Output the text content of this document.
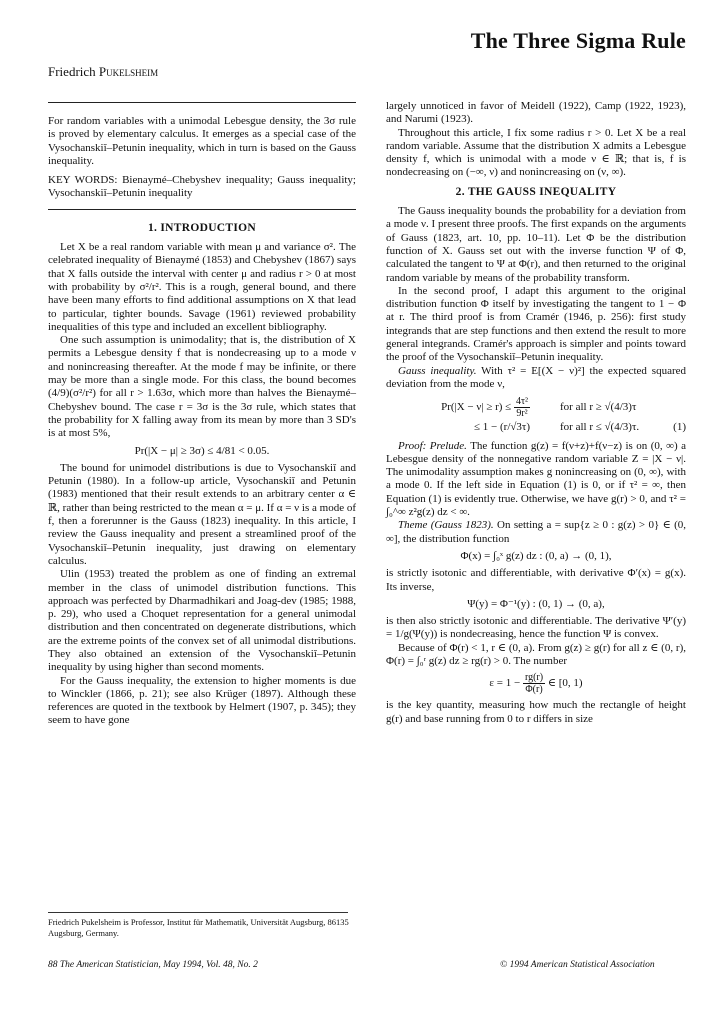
The Three Sigma Rule
Friedrich Pukelsheim

For random variables with a unimodal Lebesgue density, the 3σ rule is proved by elementary calculus. It emerges as a special case of the Vysochanskiĭ–Petunin inequality, which in turn is based on the Gauss inequality.

KEY WORDS: Bienaymé–Chebyshev inequality; Gauss inequality; Vysochanskiĭ–Petunin inequality

1. INTRODUCTION

Let X be a real random variable with mean μ and variance σ². The celebrated inequality of Bienaymé (1853) and Chebyshev (1867) says that X falls outside the interval with center μ and radius r > 0 at most with probability by σ²/r². This is a rough, general bound, and there have been many efforts to find additional assumptions on X that lead to particular, tighter bounds. Savage (1961) reviewed probability inequalities of this type and included an excellent bibliography.

One such assumption is unimodality; that is, the distribution of X permits a Lebesgue density f that is nondecreasing up to a mode ν and nonincreasing thereafter. At the mode f may be infinite, or there may be more than a single mode. For this class, the bound becomes (4/9)(σ²/r²) for all r > 1.63σ, which more than halves the Bienaymé–Chebyshev bound. The case r = 3σ is the 3σ rule, which states that the probability for X falling away from its mean by more than 3 SD's is at most 5%,

Pr(|X − μ| ≥ 3σ) ≤ 4/81 < 0.05.

The bound for unimodel distributions is due to Vysochanskiĭ and Petunin (1980). In a follow-up article, Vysochanskiĭ and Petunin (1983) mentioned that their result extends to an arbitrary center α ∈ ℝ, rather than being restricted to the mean α = μ. If α = ν is a mode of f, then a forerunner is the Gauss (1823) inequality. In this article, I review the Gauss inequality and present a streamlined proof of the Vysochanskiĭ–Petunin inequality, just drawing on elementary calculus.

Ulin (1953) treated the problem as one of finding an extremal member in the class of unimodel distribution functions. This approach was perfected by Dharmadhikari and Joag-dev (1985; 1988, p. 29), who used a Choquet representation for a general unimodal distribution and then concentrated on degenerate distributions, which are the extreme points of the convex set of all unimodal distributions. They also obtained an extension of the Vysochanskiĭ–Petunin inequality by using higher than second moments.

For the Gauss inequality, the extension to higher moments is due to Winckler (1866, p. 21); see also Krüger (1897). Although these references are quoted in the textbook by Helmert (1907, p. 345); they seem to have gone

Friedrich Pukelsheim is Professor, Institut für Mathematik, Universität Augsburg, 86135 Augsburg, Germany.

largely unnoticed in favor of Meidell (1922), Camp (1922, 1923), and Narumi (1923).

Throughout this article, I fix some radius r > 0. Let X be a real random variable. Assume that the distribution X admits a Lebesgue density f, which is unimodal with a mode ν ∈ ℝ; that is, f is nondecreasing on (−∞, ν) and nonincreasing on (ν, ∞).

2. THE GAUSS INEQUALITY

The Gauss inequality bounds the probability for a deviation from a mode ν. I present three proofs. The first expands on the arguments of Gauss (1823, art. 10, pp. 10–11). Let Φ be the distribution function of X. Gauss set out with the inverse function Ψ of Φ, calculated the tangent to Ψ at Φ(r), and then returned to the original random variable by means of the probability transform.

In the second proof, I adapt this argument to the original distribution function Φ itself by investigating the tangent to 1 − Φ at r. The third proof is from Cramér (1946, p. 256): first study integrands that are step functions and then extend the result to more general integrands. Cramér's approach is simpler and points toward the proof of the Vysochanskiĭ–Petunin inequality.

Gauss inequality. With τ² = E[(X − ν)²] the expected squared deviation from the mode ν,

$Pr(|X - \nu| \ge r) \le \frac{\text{4τ²}}{\text{9r²}}$	for all r ≥ √(4/3)τ	
≤ 1 − (r/√3τ)	for all r ≤ √(4/3)τ.	(1)

Proof: Prelude. The function g(z) = f(ν+z)+f(ν−z) is on (0, ∞) a Lebesgue density of the nonnegative random variable Z = |X − ν|. The unimodality assumption makes g nonincreasing on (0, ∞), with a mode 0. If the left side in Equation (1) is 0, or if τ² = ∞, then Equation (1) is evidently true. Otherwise, we have g(r) > 0, and τ² = ∫₀^∞ z²g(z) dz < ∞.

Theme (Gauss 1823). On setting a = sup{z ≥ 0 : g(z) > 0} ∈ (0, ∞], the distribution function

Φ(x) = ∫₀ˣ g(z) dz : (0, a) → (0, 1),

is strictly isotonic and differentiable, with derivative Φ′(x) = g(x). Its inverse,

Ψ(y) = Φ⁻¹(y) : (0, 1) → (0, a),

is then also strictly isotonic and differentiable. The derivative Ψ′(y) = 1/g(Ψ(y)) is nondecreasing, hence the function Ψ is convex.

Because of Φ(r) < 1, r ∈ (0, a). From g(z) ≥ g(r) for all z ∈ (0, r), Φ(r) = ∫₀ʳ g(z) dz ≥ rg(r) > 0. The number

$\varepsilon = 1 - \frac{rg(r)}{\Phi(r)}$ ∈ [0, 1)

is the key quantity, measuring how much the rectangle of height g(r) and base running from 0 to r differs in size

88 The American Statistician, May 1994, Vol. 48, No. 2	© 1994 American Statistical Association
